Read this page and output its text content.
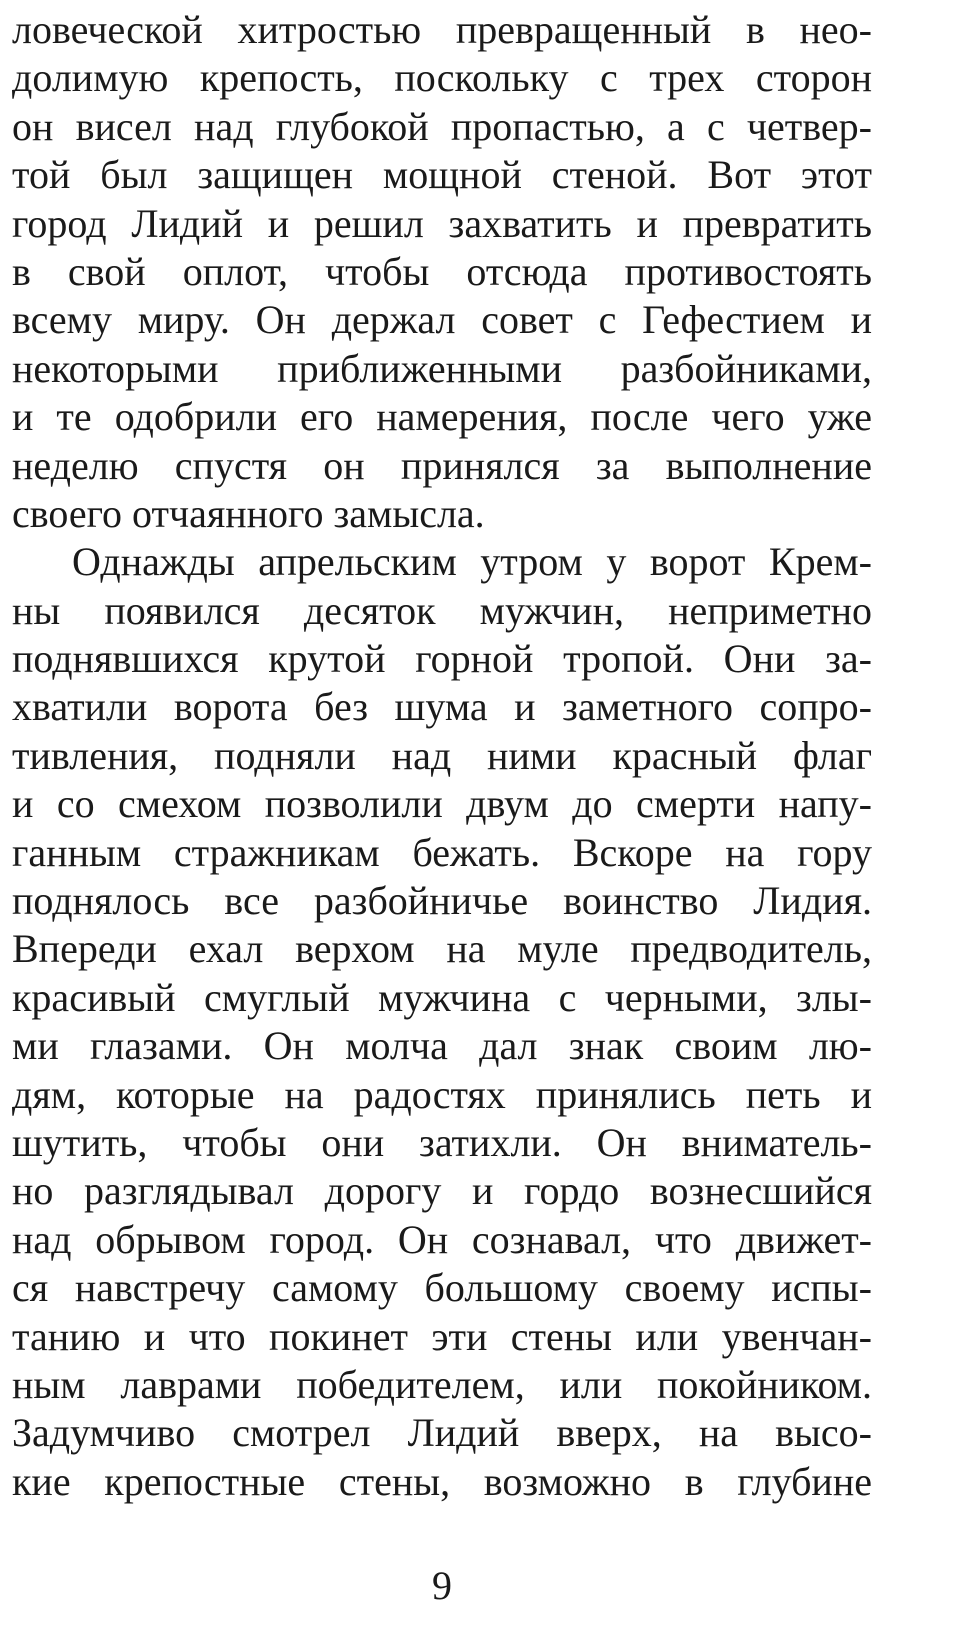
ловеческой хитростью превращенный в нео-
долимую крепость, поскольку с трех сторон
он висел над глубокой пропастью, а с четвер-
той был защищен мощной стеной. Вот этот
город Лидий и решил захватить и превратить
в свой оплот, чтобы отсюда противостоять
всему миру. Он держал совет с Гефестием и
некоторыми приближенными разбойниками,
и те одобрили его намерения, после чего уже
неделю спустя он принялся за выполнение
своего отчаянного замысла.
Однажды апрельским утром у ворот Крем-
ны появился десяток мужчин, неприметно
поднявшихся крутой горной тропой. Они за-
хватили ворота без шума и заметного сопро-
тивления, подняли над ними красный флаг
и со смехом позволили двум до смерти напу-
ганным стражникам бежать. Вскоре на гору
поднялось все разбойничье воинство Лидия.
Впереди ехал верхом на муле предводитель,
красивый смуглый мужчина с черными, злы-
ми глазами. Он молча дал знак своим лю-
дям, которые на радостях принялись петь и
шутить, чтобы они затихли. Он вниматель-
но разглядывал дорогу и гордо вознесшийся
над обрывом город. Он сознавал, что движет-
ся навстречу самому большому своему испы-
танию и что покинет эти стены или увенчан-
ным лаврами победителем, или покойником.
Задумчиво смотрел Лидий вверх, на высо-
кие крепостные стены, возможно в глубине
9
